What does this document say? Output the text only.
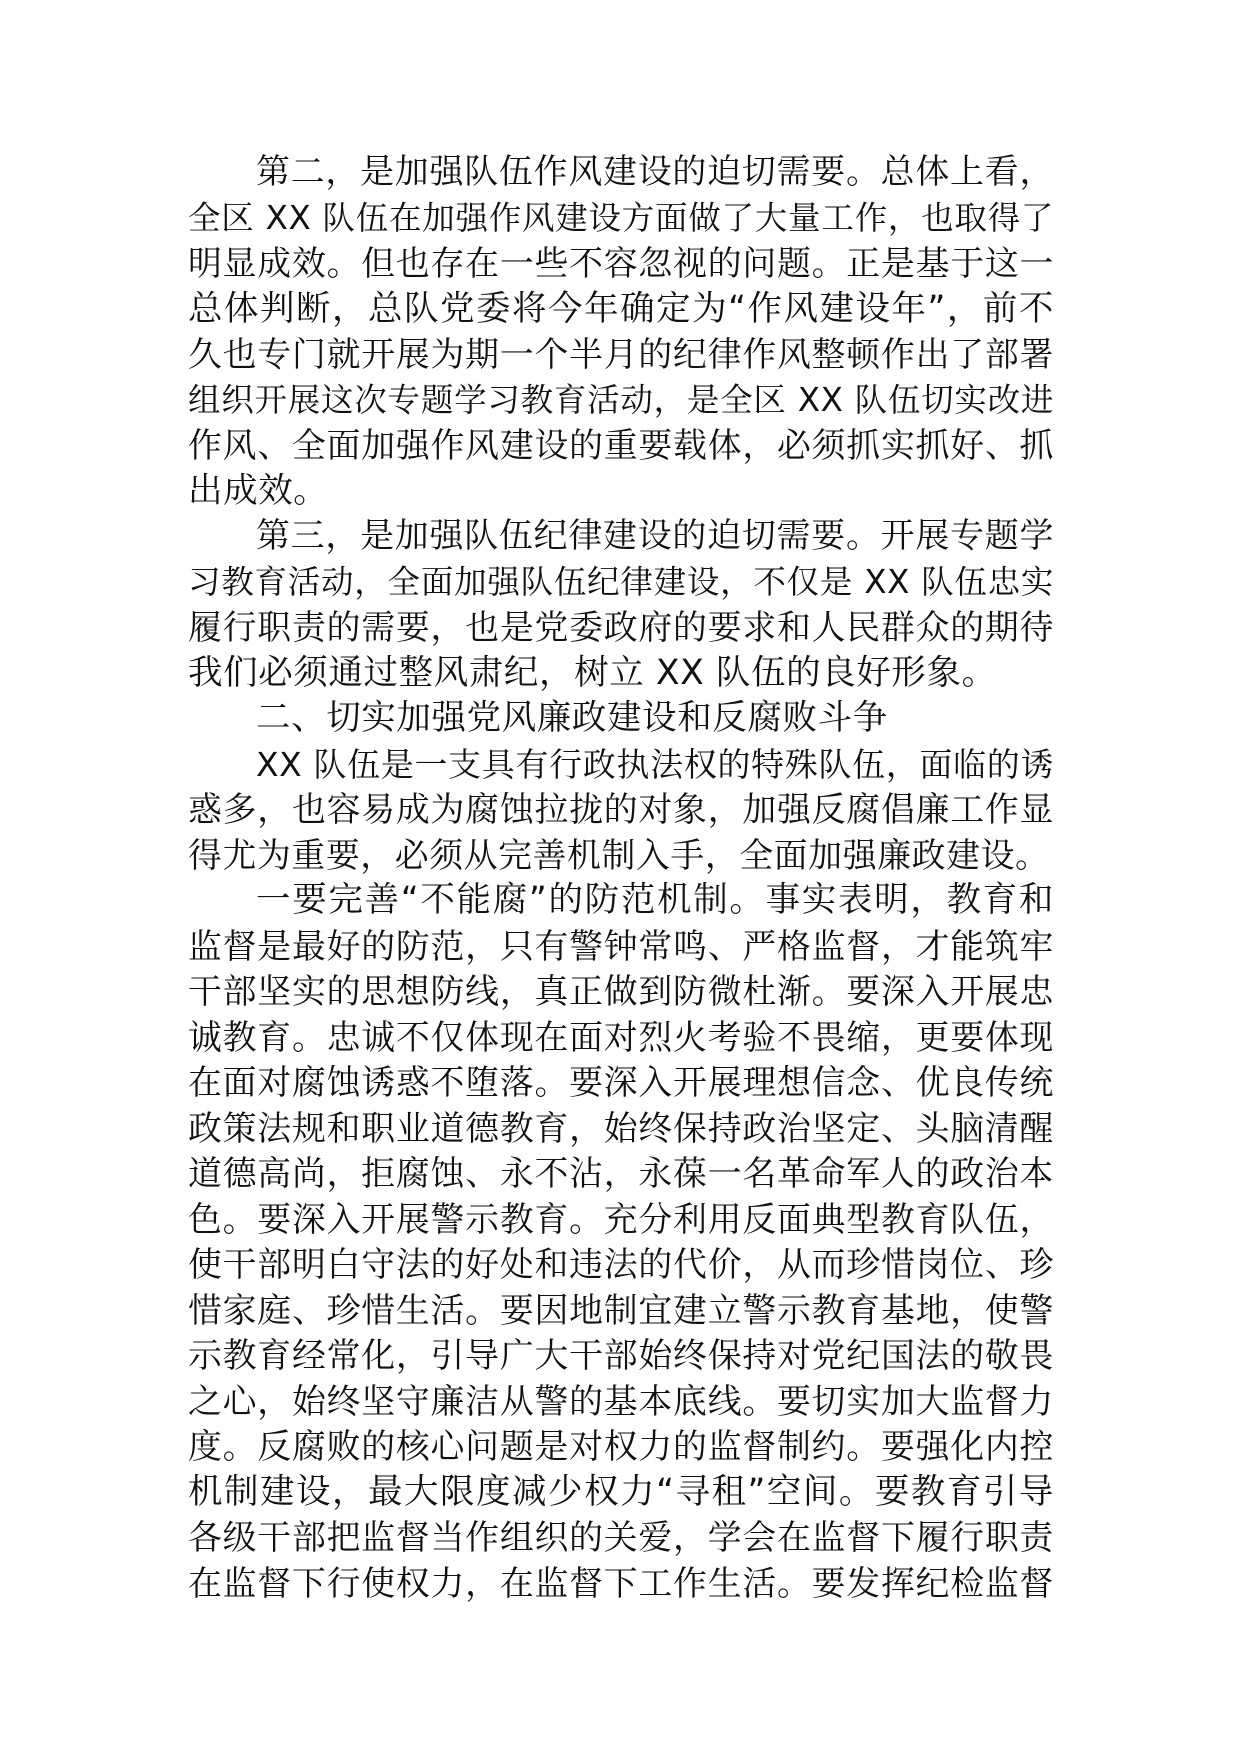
第二，是加强队伍作风建设的迫切需要。总体上看，
全区 XX 队伍在加强作风建设方面做了大量工作，也取得了
明显成效。但也存在一些不容忽视的问题。正是基于这一
总体判断，总队党委将今年确定为“作风建设年”，前不
久也专门就开展为期一个半月的纪律作风整顿作出了部署
组织开展这次专题学习教育活动，是全区 XX 队伍切实改进
作风、全面加强作风建设的重要载体，必须抓实抓好、抓
出成效。
第三，是加强队伍纪律建设的迫切需要。开展专题学
习教育活动，全面加强队伍纪律建设，不仅是 XX 队伍忠实
履行职责的需要，也是党委政府的要求和人民群众的期待
我们必须通过整风肃纪，树立 XX 队伍的良好形象。
二、切实加强党风廉政建设和反腐败斗争
XX 队伍是一支具有行政执法权的特殊队伍，面临的诱
惑多，也容易成为腐蚀拉拢的对象，加强反腐倡廉工作显
得尤为重要，必须从完善机制入手，全面加强廉政建设。
一要完善“不能腐”的防范机制。事实表明，教育和
监督是最好的防范，只有警钟常鸣、严格监督，才能筑牢
干部坚实的思想防线，真正做到防微杜渐。要深入开展忠
诚教育。忠诚不仅体现在面对烈火考验不畏缩，更要体现
在面对腐蚀诱惑不堕落。要深入开展理想信念、优良传统
政策法规和职业道德教育，始终保持政治坚定、头脑清醒
道德高尚，拒腐蚀、永不沾，永葆一名革命军人的政治本
色。要深入开展警示教育。充分利用反面典型教育队伍，
使干部明白守法的好处和违法的代价，从而珍惜岗位、珍
惜家庭、珍惜生活。要因地制宜建立警示教育基地，使警
示教育经常化，引导广大干部始终保持对党纪国法的敬畏
之心，始终坚守廉洁从警的基本底线。要切实加大监督力
度。反腐败的核心问题是对权力的监督制约。要强化内控
机制建设，最大限度减少权力“寻租”空间。要教育引导
各级干部把监督当作组织的关爱，学会在监督下履行职责
在监督下行使权力，在监督下工作生活。要发挥纪检监督
